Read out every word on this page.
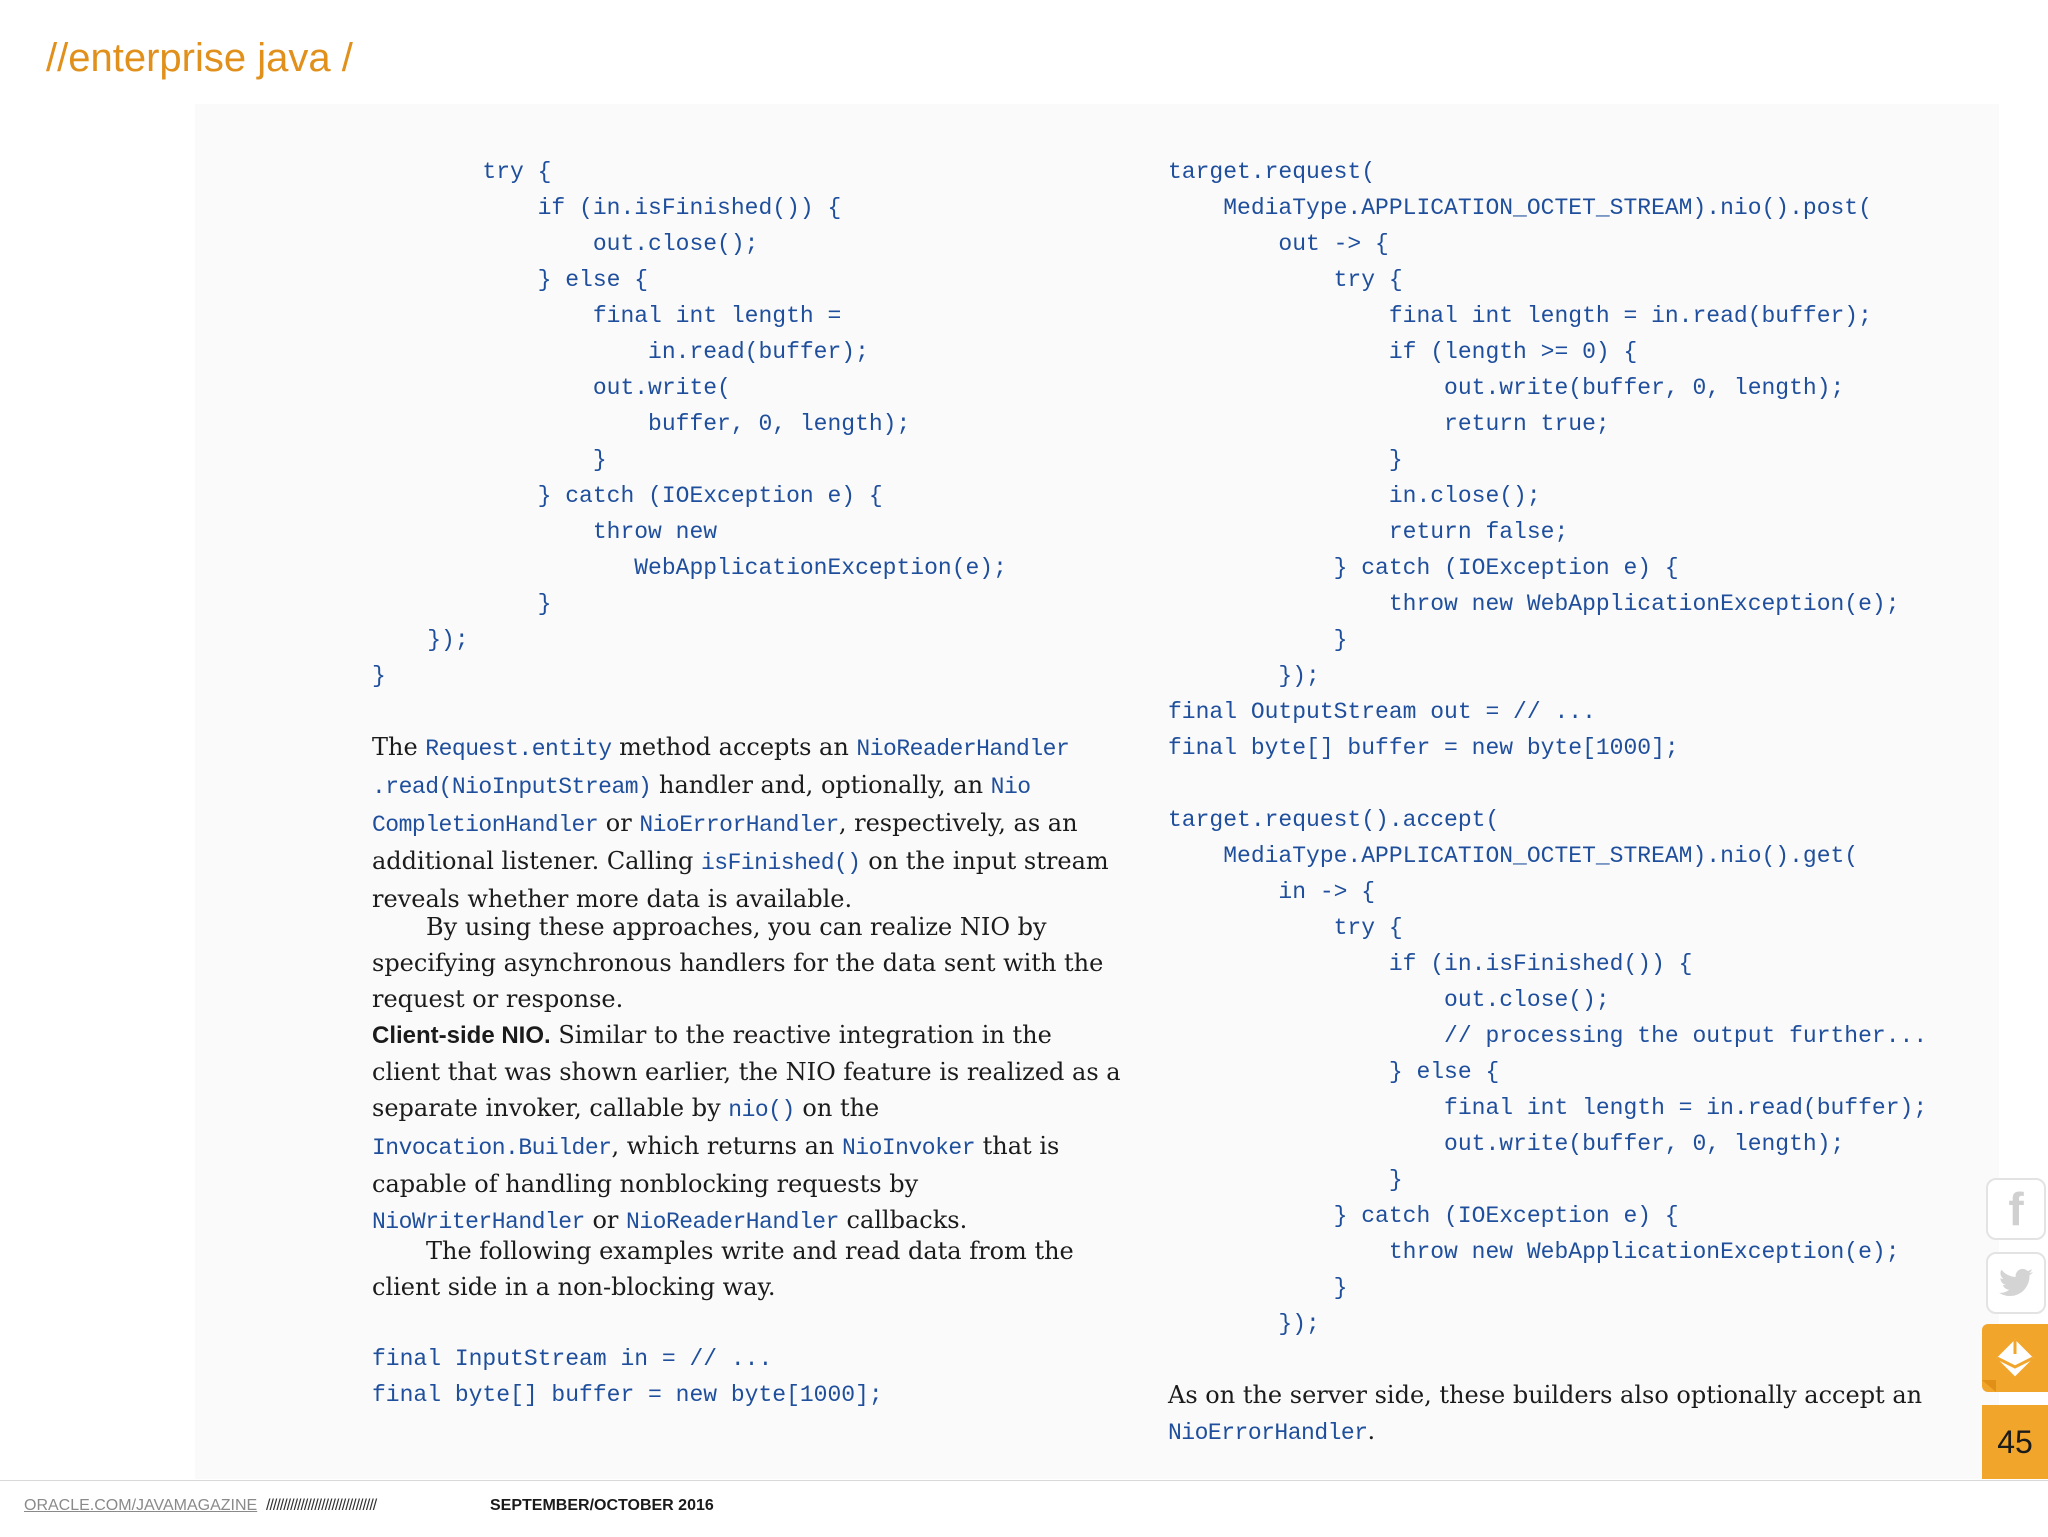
//enterprise java /
try {
if (in.isFinished()) {
out.close();
} else {
final int length =
in.read(buffer);
out.write(
buffer, 0, length);
}
} catch (IOException e) {
throw new
WebApplicationException(e);
}
});
}

The Request.entity method accepts an NioReaderHandler .read(NioInputStream) handler and, optionally, an Nio CompletionHandler or NioErrorHandler, respectively, as an additional listener. Calling isFinished() on the input stream reveals whether more data is available.

By using these approaches, you can realize NIO by specifying asynchronous handlers for the data sent with the request or response.

Client-side NIO. Similar to the reactive integration in the client that was shown earlier, the NIO feature is realized as a separate invoker, callable by nio() on the Invocation.Builder, which returns an NioInvoker that is capable of handling nonblocking requests by NioWriterHandler or NioReaderHandler callbacks.

The following examples write and read data from the client side in a non-blocking way.

final InputStream in = // ...
final byte[] buffer = new byte[1000];
target.request(
MediaType.APPLICATION_OCTET_STREAM).nio().post(
out -> {
try {
final int length = in.read(buffer);
if (length >= 0) {
out.write(buffer, 0, length);
return true;
}
in.close();
return false;
} catch (IOException e) {
throw new WebApplicationException(e);
}
});
final OutputStream out = // ...
final byte[] buffer = new byte[1000];

target.request().accept(
MediaType.APPLICATION_OCTET_STREAM).nio().get(
in -> {
try {
if (in.isFinished()) {
out.close();
// processing the output further...
} else {
final int length = in.read(buffer);
out.write(buffer, 0, length);
}
} catch (IOException e) {
throw new WebApplicationException(e);
}
});

As on the server side, these builders also optionally accept an NioErrorHandler.

ORACLE.COM/JAVAMAGAZINE ////////////////////////////////	SEPTEMBER/OCTOBER 2016
f
45
